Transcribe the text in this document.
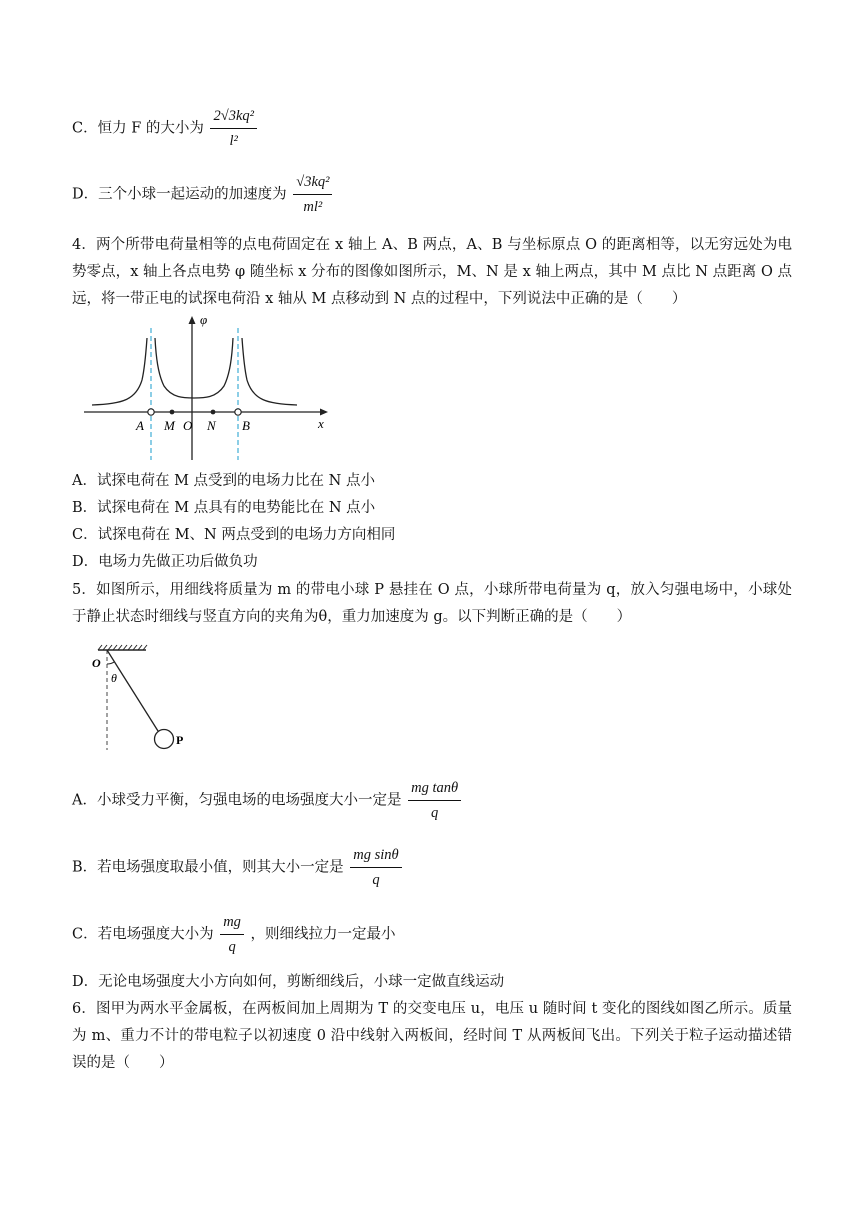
C．恒力 F 的大小为 $\frac{\text{2√3kq²}}{\text{l²}}$
D．三个小球一起运动的加速度为 $\frac{\text{√3kq²}}{\text{ml²}}$
4．两个所带电荷量相等的点电荷固定在 x 轴上 A、B 两点，A、B 与坐标原点 O 的距离相等，以无穷远处为电势零点，x 轴上各点电势 φ 随坐标 x 分布的图像如图所示，M、N 是 x 轴上两点，其中 M 点比 N 点距离 O 点远，将一带正电的试探电荷沿 x 轴从 M 点移动到 N 点的过程中，下列说法中正确的是（　　）
φ
x
A M O N B
A．试探电荷在 M 点受到的电场力比在 N 点小
B．试探电荷在 M 点具有的电势能比在 N 点小
C．试探电荷在 M、N 两点受到的电场力方向相同
D．电场力先做正功后做负功
5．如图所示，用细线将质量为 m 的带电小球 P 悬挂在 O 点，小球所带电荷量为 q，放入匀强电场中，小球处于静止状态时细线与竖直方向的夹角为θ，重力加速度为 g。以下判断正确的是（　　）
O
θ
P
A．小球受力平衡，匀强电场的电场强度大小一定是 $\frac{\text{mg tanθ}}{q}$
B．若电场强度取最小值，则其大小一定是 $\frac{\text{mg sinθ}}{q}$
C．若电场强度大小为 $\frac{mg}{q}$ ，则细线拉力一定最小
D．无论电场强度大小方向如何，剪断细线后，小球一定做直线运动
6．图甲为两水平金属板，在两板间加上周期为 T 的交变电压 u，电压 u 随时间 t 变化的图线如图乙所示。质量为 m、重力不计的带电粒子以初速度 0 沿中线射入两板间，经时间 T 从两板间飞出。下列关于粒子运动描述错误的是（　　）
